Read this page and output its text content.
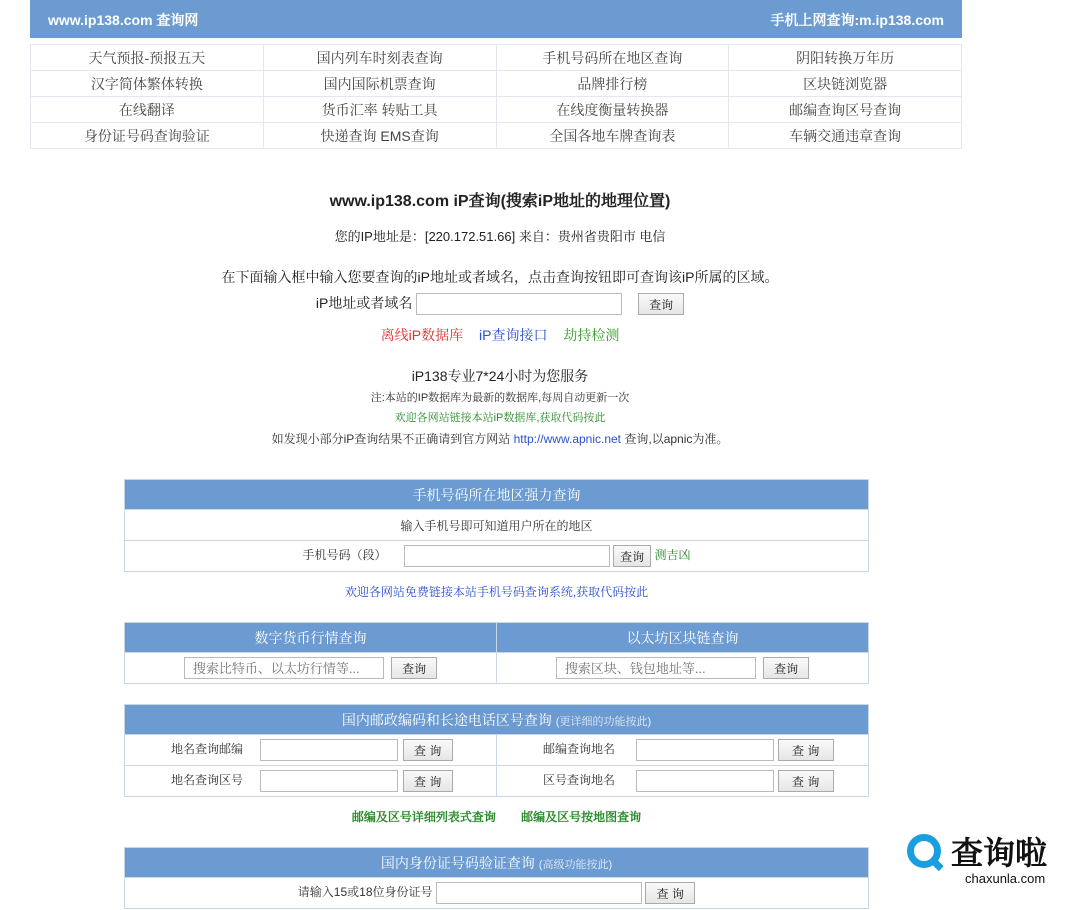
www.ip138.com 查询网	手机上网查询:m.ip138.com
天气预报-预报五天	国内列车时刻表查询	手机号码所在地区查询	阴阳转换万年历
汉字简体繁体转换	国内国际机票查询	品牌排行榜	区块链浏览器
在线翻译	货币汇率 转贴工具	在线度衡量转换器	邮编查询区号查询
身份证号码查询验证	快递查询 EMS查询	全国各地车牌查询表	车辆交通违章查询
www.ip138.com iP查询(搜索iP地址的地理位置)
您的IP地址是：[220.172.51.66] 来自：贵州省贵阳市 电信
在下面输入框中输入您要查询的iP地址或者域名，点击查询按钮即可查询该iP所属的区域。
iP地址或者域名	查询
离线iP数据库 iP查询接口 劫持检测
iP138专业7*24小时为您服务
注:本站的IP数据库为最新的数据库,每周自动更新一次
欢迎各网站链接本站iP数据库,获取代码按此
如发现小部分iP查询结果不正确请到官方网站 http://www.apnic.net 查询,以apnic为准。
手机号码所在地区强力查询
输入手机号即可知道用户所在的地区
手机号码（段）	查询 测吉凶
欢迎各网站免费链接本站手机号码查询系统,获取代码按此
数字货币行情查询	以太坊区块链查询
搜索比特币、以太坊行情等... 查询	搜索区块、钱包地址等...查询
国内邮政编码和长途电话区号查询 (更详细的功能按此)	
地名查询邮编 查 询	邮编查询地名 查 询
地名查询区号 查 询	区号查询地名 查 询
邮编及区号详细列表式查询 邮编及区号按地图查询
国内身份证号码验证查询 (高级功能按此)
请输入15或18位身份证号	查 询
查询啦
chaxunla.com
